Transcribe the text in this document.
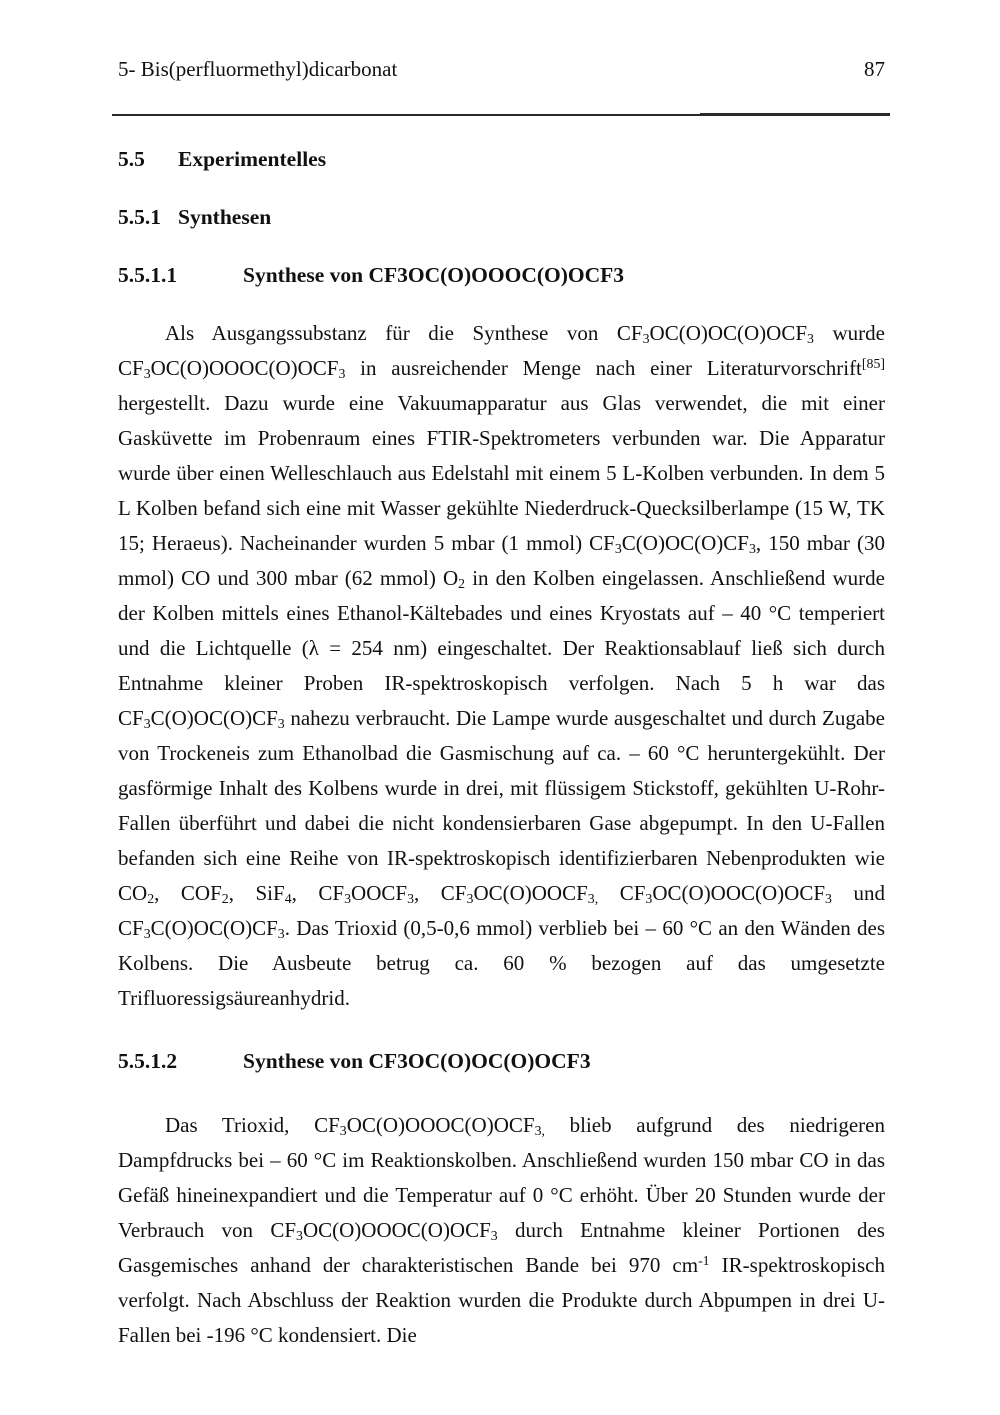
5- Bis(perfluormethyl)dicarbonat	87
5.5 Experimentelles
5.5.1 Synthesen
5.5.1.1	Synthese von CF3OC(O)OOOC(O)OCF3

Als Ausgangssubstanz für die Synthese von $CF_3OC(O)OC(O)OCF_3$ wurde $CF_3OC(O)OOOC(O)OCF_3$ in ausreichender Menge nach einer Literaturvorschrift[85] hergestellt. Dazu wurde eine Vakuumapparatur aus Glas verwendet, die mit einer Gasküvette im Probenraum eines FTIR-Spektrometers verbunden war. Die Apparatur wurde über einen Welleschlauch aus Edelstahl mit einem 5 L-Kolben verbunden. In dem 5 L Kolben befand sich eine mit Wasser gekühlte Niederdruck-Quecksilberlampe (15 W, TK 15; Heraeus). Nacheinander wurden 5 mbar (1 mmol) $CF_3C(O)OC(O)CF_3$, 150 mbar (30 mmol) CO und 300 mbar (62 mmol) $O_2$ in den Kolben eingelassen. Anschließend wurde der Kolben mittels eines Ethanol-Kältebades und eines Kryostats auf – 40 °C temperiert und die Lichtquelle (λ = 254 nm) eingeschaltet. Der Reaktionsablauf ließ sich durch Entnahme kleiner Proben IR-spektroskopisch verfolgen. Nach 5 h war das $CF_3C(O)OC(O)CF_3$ nahezu verbraucht. Die Lampe wurde ausgeschaltet und durch Zugabe von Trockeneis zum Ethanolbad die Gasmischung auf ca. – 60 °C heruntergekühlt. Der gasförmige Inhalt des Kolbens wurde in drei, mit flüssigem Stickstoff, gekühlten U-Rohr-Fallen überführt und dabei die nicht kondensierbaren Gase abgepumpt. In den U-Fallen befanden sich eine Reihe von IR-spektroskopisch identifizierbaren Nebenprodukten wie $CO_2$, $COF_2$, SiF$_4$, $CF_3OOCF_3$, $CF_3OC(O)OOCF_{3,}$ $CF_3OC(O)OOC(O)OCF_3$ und $CF_3C(O)OC(O)CF_3$. Das Trioxid (0,5-0,6 mmol) verblieb bei – 60 °C an den Wänden des Kolbens. Die Ausbeute betrug ca. 60 % bezogen auf das umgesetzte Trifluoressigsäureanhydrid.

5.5.1.2	Synthese von CF3OC(O)OC(O)OCF3

Das Trioxid, $CF_3OC(O)OOOC(O)OCF_{3,}$ blieb aufgrund des niedrigeren Dampfdrucks bei – 60 °C im Reaktionskolben. Anschließend wurden 150 mbar CO in das Gefäß hineinexpandiert und die Temperatur auf 0 °C erhöht. Über 20 Stunden wurde der Verbrauch von $CF_3OC(O)OOOC(O)OCF_3$ durch Entnahme kleiner Portionen des Gasgemisches anhand der charakteristischen Bande bei 970 $cm^{-1}$ IR-spektroskopisch verfolgt. Nach Abschluss der Reaktion wurden die Produkte durch Abpumpen in drei U-Fallen bei -196 °C kondensiert. Die
